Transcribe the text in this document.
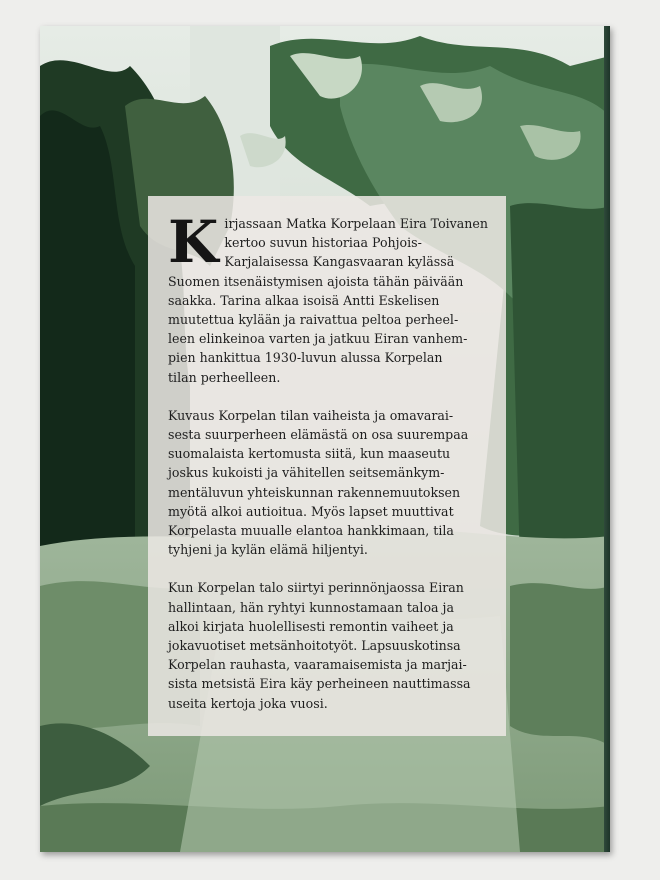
K irjassaan Matka Korpelaan Eira Toivanen
kertoo suvun historiaa Pohjois-
Karjalaisessa Kangasvaaran kylässä
Suomen itsenäistymisen ajoista tähän päivään
saakka. Tarina alkaa isoisä Antti Eskelisen
muutettua kylään ja raivattua peltoa perheel-
leen elinkeinoa varten ja jatkuu Eiran vanhem-
pien hankittua 1930-luvun alussa Korpelan
tilan perheelleen.

Kuvaus Korpelan tilan vaiheista ja omavarai-
sesta suurperheen elämästä on osa suurempaa
suomalaista kertomusta siitä, kun maaseutu
joskus kukoisti ja vähitellen seitsemänkym-
mentäluvun yhteiskunnan rakennemuutoksen
myötä alkoi autioitua. Myös lapset muuttivat
Korpelasta muualle elantoa hankkimaan, tila
tyhjeni ja kylän elämä hiljentyi.

Kun Korpelan talo siirtyi perinnönjaossa Eiran
hallintaan, hän ryhtyi kunnostamaan taloa ja
alkoi kirjata huolellisesti remontin vaiheet ja
jokavuotiset metsänhoitotyöt. Lapsuuskotinsa
Korpelan rauhasta, vaaramaisemista ja marjai-
sista metsistä Eira käy perheineen nauttimassa
useita kertoja joka vuosi.
